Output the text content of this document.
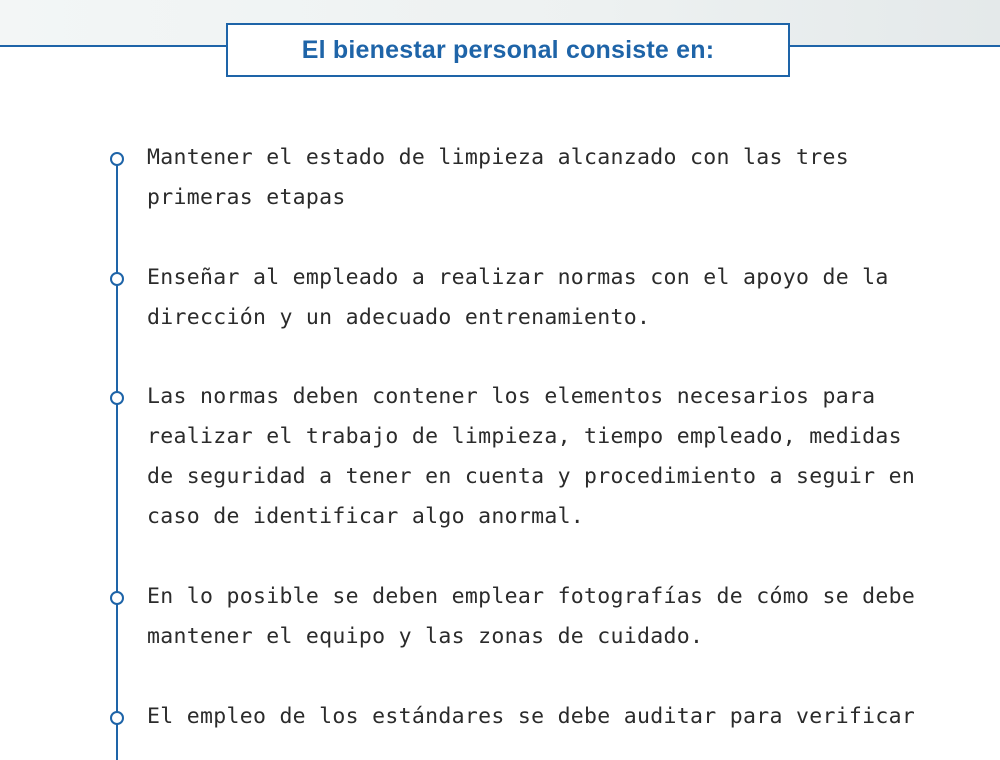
El bienestar personal consiste en:

Mantener el estado de limpieza alcanzado con las tres primeras etapas

Enseñar al empleado a realizar normas con el apoyo de la dirección y un adecuado entrenamiento.

Las normas deben contener los elementos necesarios para realizar el trabajo de limpieza, tiempo empleado, medidas de seguridad a tener en cuenta y procedimiento a seguir en caso de identificar algo anormal.

En lo posible se deben emplear fotografías de cómo se debe mantener el equipo y las zonas de cuidado.

El empleo de los estándares se debe auditar para verificar
